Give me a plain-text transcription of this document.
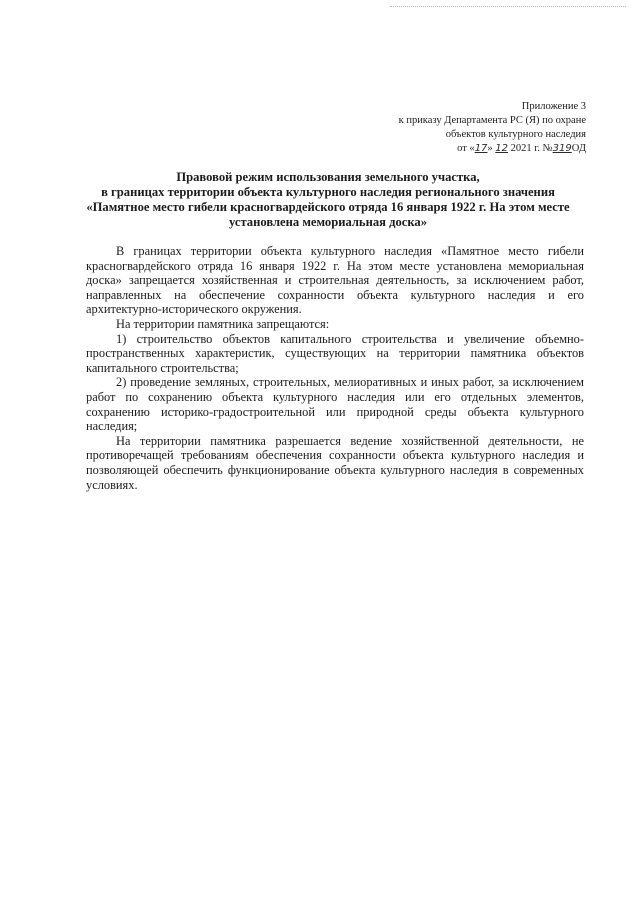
Приложение 3
к приказу Департамента РС (Я) по охране
объектов культурного наследия
от «17» 12 2021 г. №319ОД
Правовой режим использования земельного участка,
в границах территории объекта культурного наследия регионального значения
«Памятное место гибели красногвардейского отряда 16 января 1922 г. На этом месте
установлена мемориальная доска»

В границах территории объекта культурного наследия «Памятное место гибели красногвардейского отряда 16 января 1922 г. На этом месте установлена мемориальная доска» запрещается хозяйственная и строительная деятельность, за исключением работ, направленных на обеспечение сохранности объекта культурного наследия и его архитектурно-исторического окружения.

На территории памятника запрещаются:

1) строительство объектов капитального строительства и увеличение объемно-пространственных характеристик, существующих на территории памятника объектов капитального строительства;

2) проведение земляных, строительных, мелиоративных и иных работ, за исключением работ по сохранению объекта культурного наследия или его отдельных элементов, сохранению историко-градостроительной или природной среды объекта культурного наследия;

На территории памятника разрешается ведение хозяйственной деятельности, не противоречащей требованиям обеспечения сохранности объекта культурного наследия и позволяющей обеспечить функционирование объекта культурного наследия в современных условиях.
